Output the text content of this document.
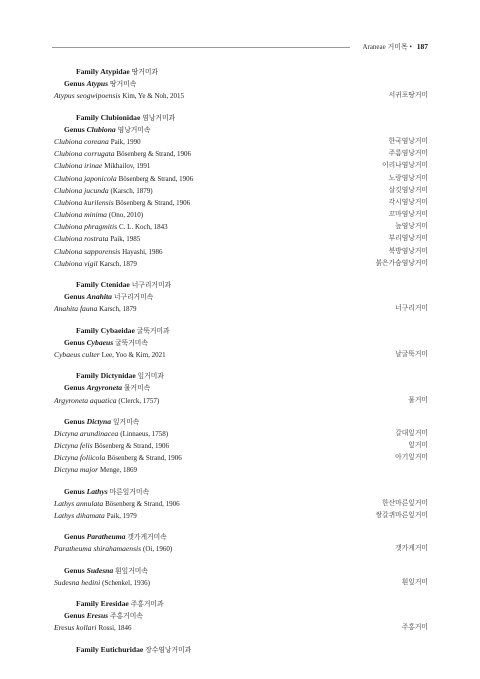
Araneae 거미목 • 187
Family Atypidae 땅거미과
Genus Atypus 땅거미속
Atypus seogwipoensis Kim, Ye & Noh, 2015	서귀포땅거미
Family Clubionidae 염낭거미과
Genus Clubiona 염낭거미속
Clubiona coreana Paik, 1990	한국염낭거미
Clubiona corrugata Bösenberg & Strand, 1906	주름염낭거미
Clubiona irinae Mikhailov, 1991	이리나염낭거미
Clubiona japonicola Bösenberg & Strand, 1906	노랑염낭거미
Clubiona jucunda (Karsch, 1879)	살깃염낭거미
Clubiona kurilensis Bösenberg & Strand, 1906	각시염낭거미
Clubiona minima (Ono, 2010)	꼬마염낭거미
Clubiona phragmitis C. L. Koch, 1843	늪염낭거미
Clubiona rostrata Paik, 1985	부리염낭거미
Clubiona sapporensis Hayashi, 1986	북방염낭거미
Clubiona vigil Karsch, 1879	붉은가슴염낭거미
Family Ctenidae 너구리거미과
Genus Anahita 너구리거미속
Anahita fauna Karsch, 1879	너구리거미
Family Cybaeidae 굴뚝거미과
Genus Cybaeus 굴뚝거미속
Cybaeus culter Lee, Yoo & Kim, 2021	날굴뚝거미
Family Dictynidae 잎거미과
Genus Argyroneta 물거미속
Argyroneta aquatica (Clerck, 1757)	물거미
Genus Dictyna 잎거미속
Dictyna arundinacea (Linnaeus, 1758)	갈대잎거미
Dictyna felis Bösenberg & Strand, 1906	잎거미
Dictyna foliicola Bösenberg & Strand, 1906	아기잎거미
Dictyna major Menge, 1869
Genus Lathys 마른잎거미속
Lathys annulata Bösenberg & Strand, 1906	한산마른잎거미
Lathys dihamata Paik, 1979	쌍갈퀴마른잎거미
Genus Paratheuma 갯가게거미속
Paratheuma shirahamaensis (Oi, 1960)	갯가게거미
Genus Sudesna 흰잎거미속
Sudesna hedini (Schenkel, 1936)	흰잎거미
Family Eresidae 주홍거미과
Genus Eresus 주홍거미속
Eresus kollari Rossi, 1846	주홍거미
Family Eutichuridae 장수염낭거미과
